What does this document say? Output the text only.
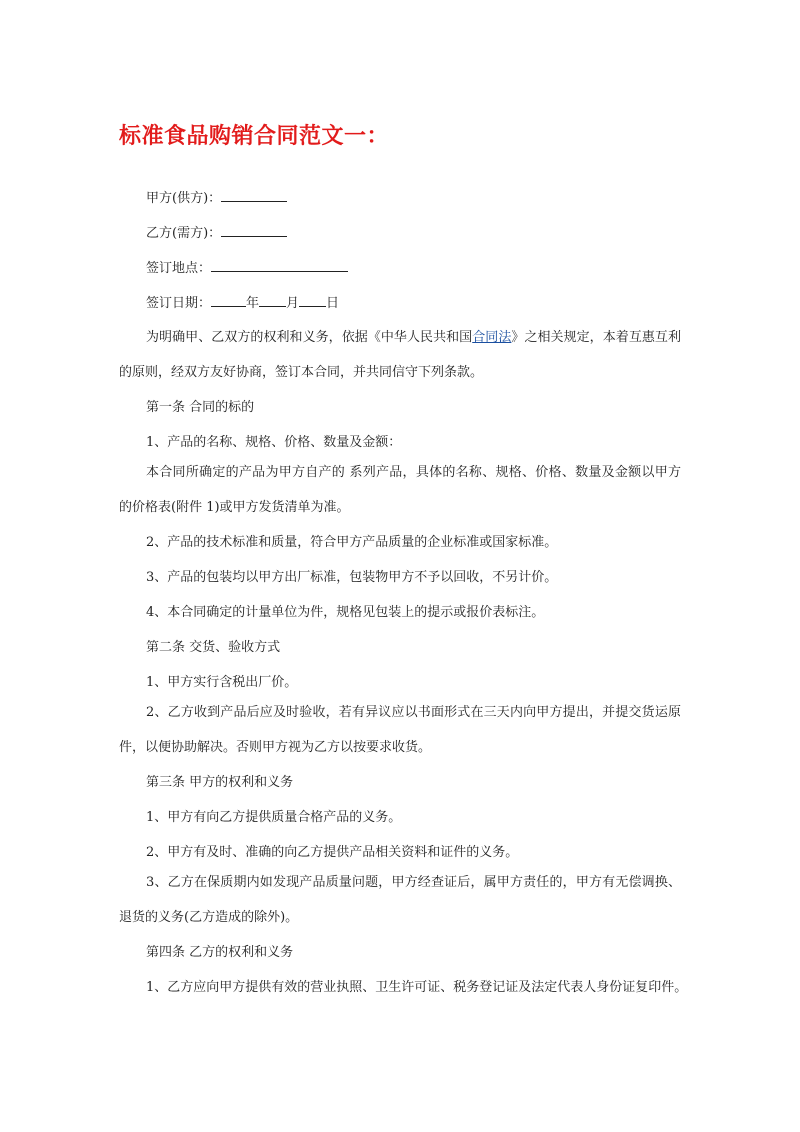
标准食品购销合同范文一：
甲方(供方)：
乙方(需方)：
签订地点：
签订日期：	年 月 日
为明确甲、乙双方的权利和义务，依据《中华人民共和国合同法》之相关规定，本着互惠互利的原则，经双方友好协商，签订本合同，并共同信守下列条款。
第一条 合同的标的
1、产品的名称、规格、价格、数量及金额：
本合同所确定的产品为甲方自产的 系列产品，具体的名称、规格、价格、数量及金额以甲方的价格表(附件 1)或甲方发货清单为准。
2、产品的技术标准和质量，符合甲方产品质量的企业标准或国家标准。
3、产品的包装均以甲方出厂标准，包装物甲方不予以回收，不另计价。
4、本合同确定的计量单位为件，规格见包装上的提示或报价表标注。
第二条 交货、验收方式
1、甲方实行含税出厂价。
2、乙方收到产品后应及时验收，若有异议应以书面形式在三天内向甲方提出，并提交货运原件，以便协助解决。否则甲方视为乙方以按要求收货。
第三条 甲方的权利和义务
1、甲方有向乙方提供质量合格产品的义务。
2、甲方有及时、准确的向乙方提供产品相关资料和证件的义务。
3、乙方在保质期内如发现产品质量问题，甲方经查证后，属甲方责任的，甲方有无偿调换、退货的义务(乙方造成的除外)。
第四条 乙方的权利和义务
1、乙方应向甲方提供有效的营业执照、卫生许可证、税务登记证及法定代表人身份证复印件。
